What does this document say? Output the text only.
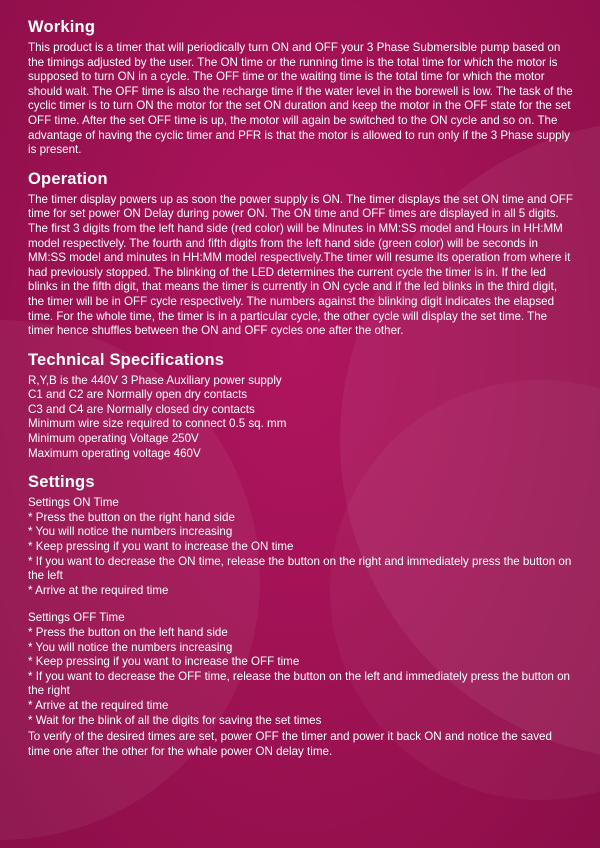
Working

This product is a timer that will periodically turn ON and OFF your 3 Phase Submersible pump based on the timings adjusted by the user. The ON time or the running time is the total time for which the motor is supposed to turn ON in a cycle. The OFF time or the waiting time is the total time for which the motor should wait. The OFF time is also the recharge time if the water level in the borewell is low. The task of the cyclic timer is to turn ON the motor for the set ON duration and keep the motor in the OFF state for the set OFF time. After the set OFF time is up, the motor will again be switched to the ON cycle and so on. The advantage of having the cyclic timer and PFR is that the motor is allowed to run only if the 3 Phase supply is present.

Operation

The timer display powers up as soon the power supply is ON. The timer displays the set ON time and OFF time for set power ON Delay during power ON. The ON time and OFF times are displayed in all 5 digits. The first 3 digits from the left hand side (red color) will be Minutes in MM:SS model and Hours in HH:MM model respectively. The fourth and fifth digits from the left hand side (green color) will be seconds in MM:SS model and minutes in HH:MM model respectively.The timer will resume its operation from where it had previously stopped. The blinking of the LED determines the current cycle the timer is in. If the led blinks in the fifth digit, that means the timer is currently in ON cycle and if the led blinks in the third digit, the timer will be in OFF cycle respectively. The numbers against the blinking digit indicates the elapsed time. For the whole time, the timer is in a particular cycle, the other cycle will display the set time. The timer hence shuffles between the ON and OFF cycles one after the other.

Technical Specifications
R,Y,B is the 440V 3 Phase Auxiliary power supply
C1 and C2 are Normally open dry contacts
C3 and C4 are Normally closed dry contacts
Minimum wire size required to connect 0.5 sq. mm
Minimum operating Voltage 250V
Maximum operating voltage 460V
Settings
Settings ON Time
* Press the button on the right hand side
* You will notice the numbers increasing
* Keep pressing if you want to increase the ON time
* If you want to decrease the ON time, release the button on the right and immediately press the button on the left
* Arrive at the required time
Settings OFF Time
* Press the button on the left hand side
* You will notice the numbers increasing
* Keep pressing if you want to increase the OFF time
* If you want to decrease the OFF time, release the button on the left and immediately press the button on the right
* Arrive at the required time
* Wait for the blink of all the digits for saving the set times

To verify of the desired times are set, power OFF the timer and power it back ON and notice the saved time one after the other for the whale power ON delay time.
